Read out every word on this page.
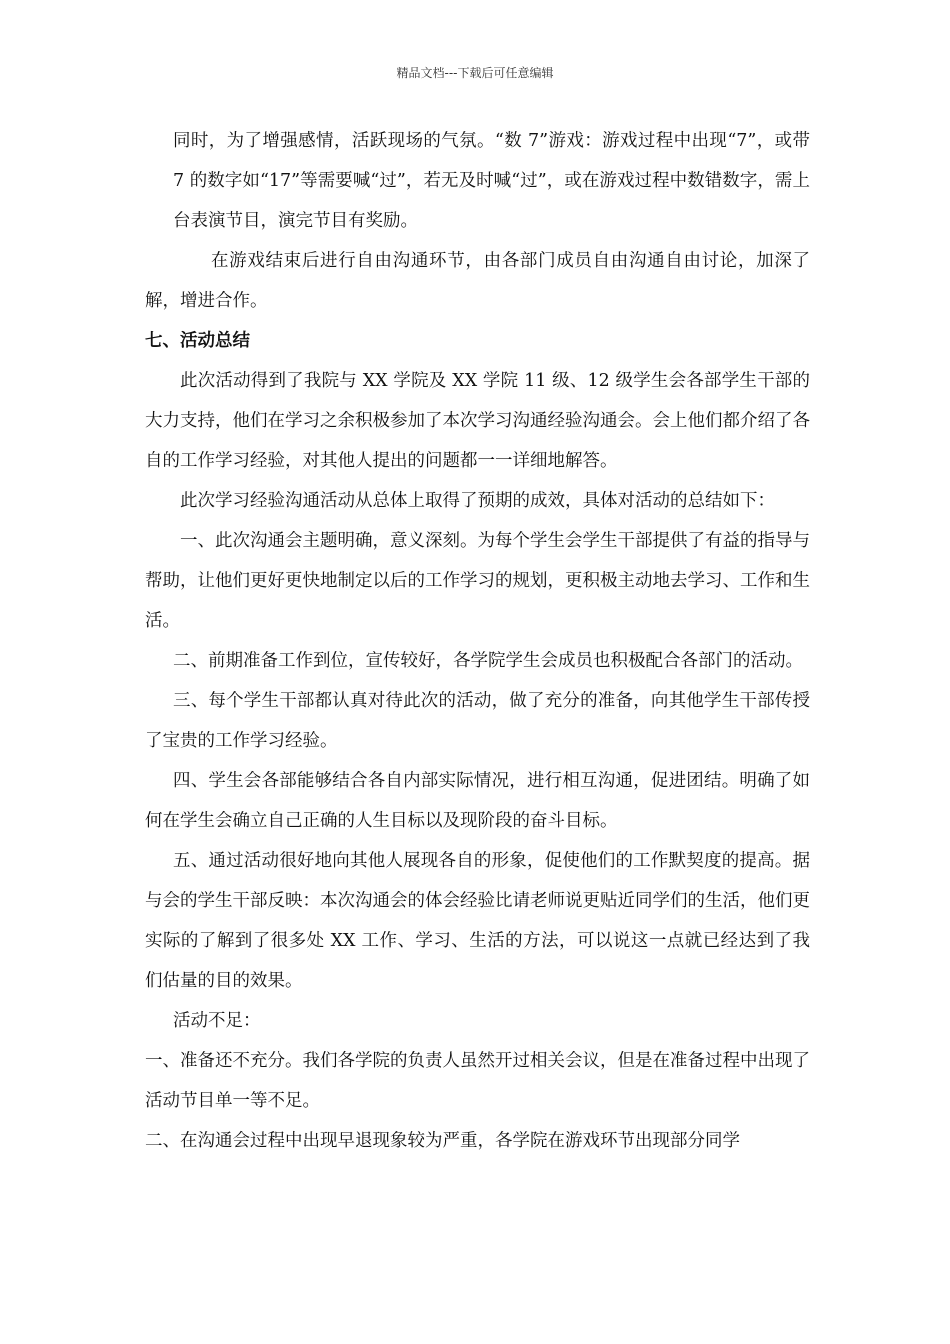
精品文档---下载后可任意编辑

同时，为了增强感情，活跃现场的气氛。“数 7”游戏：游戏过程中出现“7”，或带 7 的数字如“17”等需要喊“过”，若无及时喊“过”，或在游戏过程中数错数字，需上台表演节目，演完节目有奖励。

在游戏结束后进行自由沟通环节，由各部门成员自由沟通自由讨论，加深了解，增进合作。

七、活动总结

此次活动得到了我院与 XX 学院及 XX 学院 11 级、12 级学生会各部学生干部的大力支持，他们在学习之余积极参加了本次学习沟通经验沟通会。会上他们都介绍了各自的工作学习经验，对其他人提出的问题都一一详细地解答。

此次学习经验沟通活动从总体上取得了预期的成效，具体对活动的总结如下：

一、此次沟通会主题明确，意义深刻。为每个学生会学生干部提供了有益的指导与帮助，让他们更好更快地制定以后的工作学习的规划，更积极主动地去学习、工作和生活。

二、前期准备工作到位，宣传较好，各学院学生会成员也积极配合各部门的活动。

三、每个学生干部都认真对待此次的活动，做了充分的准备，向其他学生干部传授了宝贵的工作学习经验。

四、学生会各部能够结合各自内部实际情况，进行相互沟通，促进团结。明确了如何在学生会确立自己正确的人生目标以及现阶段的奋斗目标。

五、通过活动很好地向其他人展现各自的形象，促使他们的工作默契度的提高。据与会的学生干部反映：本次沟通会的体会经验比请老师说更贴近同学们的生活，他们更实际的了解到了很多处 XX 工作、学习、生活的方法，可以说这一点就已经达到了我们估量的目的效果。

活动不足：

一、准备还不充分。我们各学院的负责人虽然开过相关会议，但是在准备过程中出现了活动节目单一等不足。

二、在沟通会过程中出现早退现象较为严重，各学院在游戏环节出现部分同学
